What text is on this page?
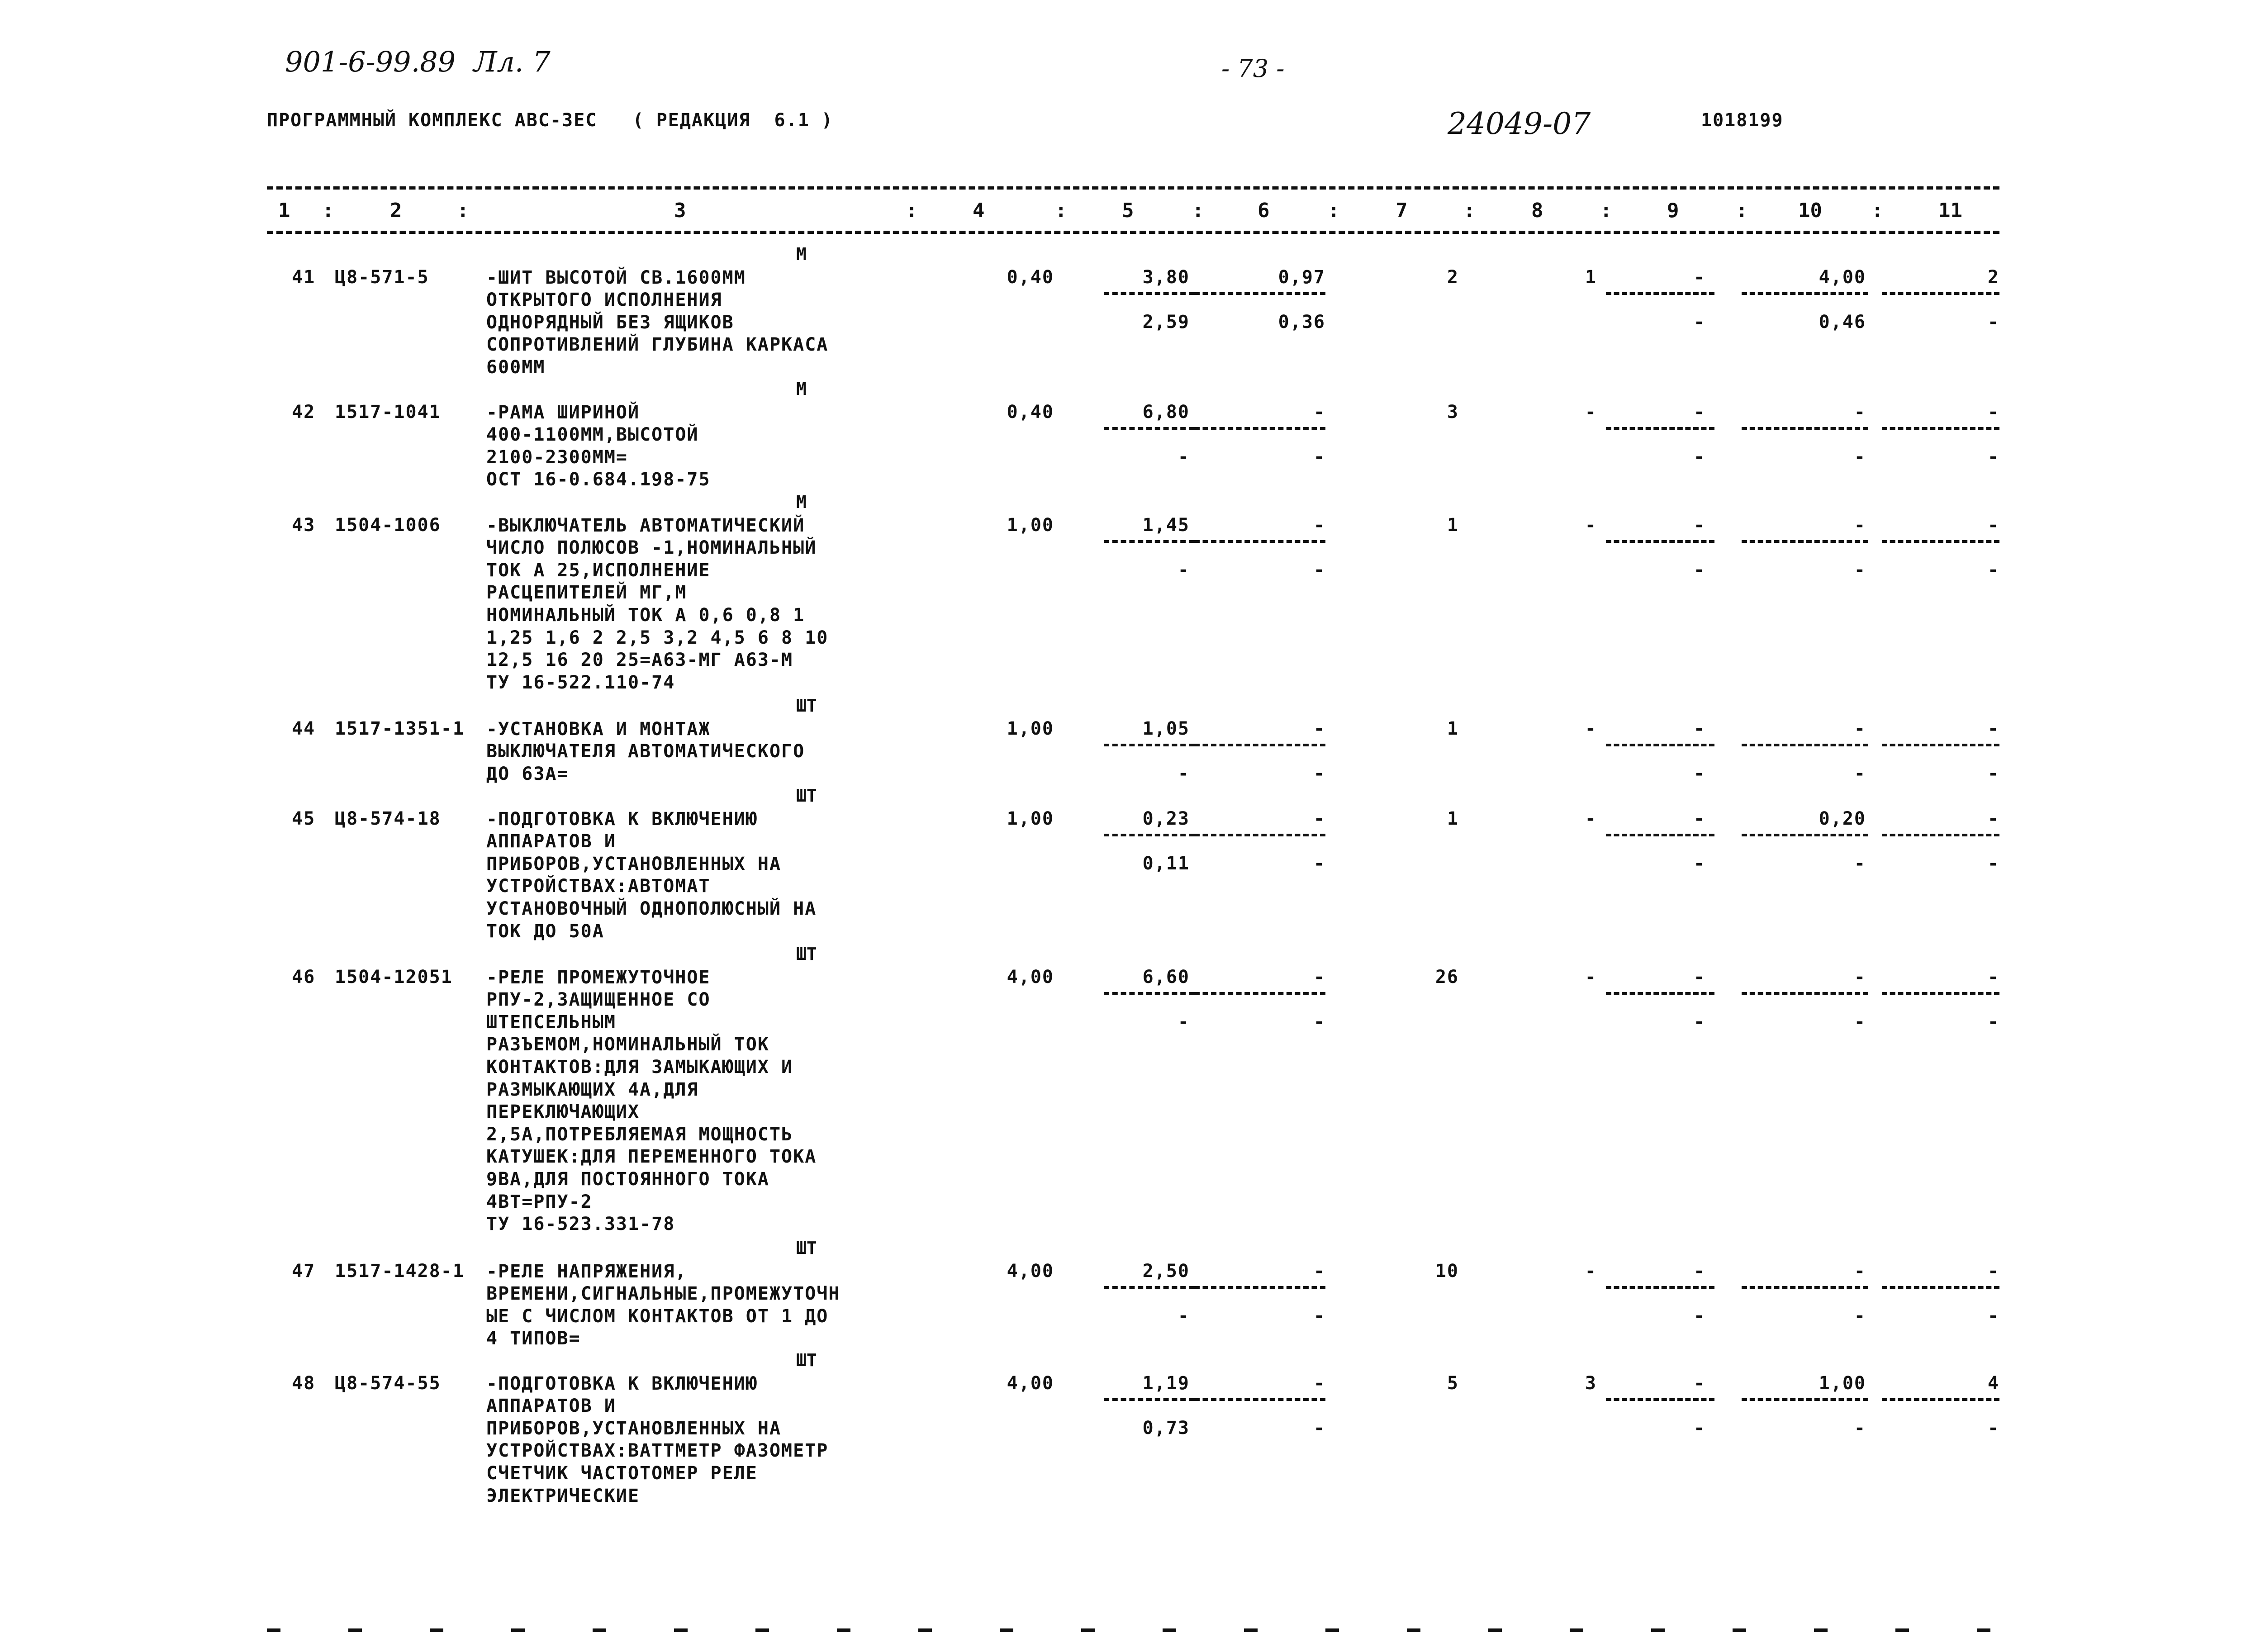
901-6-99.89  Лл. 7	- 73 -
ПРОГРАММНЫЙ КОМПЛЕКС АВС-3ЕС   ( РЕДАКЦИЯ  6.1 )	24049-07	1018199
1 :	2	:	3	:	4	:	5	:	6	:	7	:	8	:	9	:	10 :	11
М
41 Ц8-571-5	-ШИТ ВЫСОТОЙ СВ.1600ММ
ОТКРЫТОГО ИСПОЛНЕНИЯ
ОДНОРЯДНЫЙ БЕЗ ЯЩИКОВ
СОПРОТИВЛЕНИЙ ГЛУБИНА КАРКАСА
600ММ
0,40	3,80	0,97	2	1	-	4,00	2
2,59	0,36	-	0,46	-
М
42 1517-1041	-РАМА ШИРИНОЙ
400-1100ММ,ВЫСОТОЙ
2100-2300ММ=
ОСТ 16-0.684.198-75
0,40	6,80	-	3	-	-	-	-
-	-	-	-	-
М
43 1504-1006	-ВЫКЛЮЧАТЕЛЬ АВТОМАТИЧЕСКИЙ
ЧИСЛО ПОЛЮСОВ -1,НОМИНАЛЬНЫЙ
ТОК А 25,ИСПОЛНЕНИЕ
РАСЦЕПИТЕЛЕЙ МГ,М
НОМИНАЛЬНЫЙ ТОК А 0,6 0,8 1
1,25 1,6 2 2,5 3,2 4,5 6 8 10
12,5 16 20 25=А63-МГ А63-М
ТУ 16-522.110-74
1,00	1,45	-	1	-	-	-	-
-	-	-	-	-
ШТ
44 1517-1351-1 -УСТАНОВКА И МОНТАЖ
ВЫКЛЮЧАТЕЛЯ АВТОМАТИЧЕСКОГО
ДО 63А=
1,00	1,05	-	1	-	-	-	-
-	-	-	-	-
ШТ
45 Ц8-574-18	-ПОДГОТОВКА К ВКЛЮЧЕНИЮ
АППАРАТОВ И
ПРИБОРОВ,УСТАНОВЛЕННЫХ НА
УСТРОЙСТВАХ:АВТОМАТ
УСТАНОВОЧНЫЙ ОДНОПОЛЮСНЫЙ НА
ТОК ДО 50А
1,00	0,23	-	1	-	-	0,20	-
0,11	-	-	-	-
ШТ
46 1504-12051 -РЕЛЕ ПРОМЕЖУТОЧНОЕ
РПУ-2,ЗАЩИЩЕННОЕ СО
ШТЕПСЕЛЬНЫМ
РАЗЪЕМОМ,НОМИНАЛЬНЫЙ ТОК
КОНТАКТОВ:ДЛЯ ЗАМЫКАЮЩИХ И
РАЗМЫКАЮЩИХ 4А,ДЛЯ
ПЕРЕКЛЮЧАЮЩИХ
2,5А,ПОТРЕБЛЯЕМАЯ МОЩНОСТЬ
КАТУШЕК:ДЛЯ ПЕРЕМЕННОГО ТОКА
9ВА,ДЛЯ ПОСТОЯННОГО ТОКА
4ВТ=РПУ-2
ТУ 16-523.331-78
4,00	6,60	-	26	-	-	-	-
-	-	-	-	-
ШТ
47 1517-1428-1 -РЕЛЕ НАПРЯЖЕНИЯ,
ВРЕМЕНИ,СИГНАЛЬНЫЕ,ПРОМЕЖУТОЧН
ЫЕ С ЧИСЛОМ КОНТАКТОВ ОТ 1 ДО
4 ТИПОВ=
4,00	2,50	-	10	-	-	-	-
-	-	-	-	-
ШТ
48 Ц8-574-55	-ПОДГОТОВКА К ВКЛЮЧЕНИЮ
АППАРАТОВ И
ПРИБОРОВ,УСТАНОВЛЕННЫХ НА
УСТРОЙСТВАХ:ВАТТМЕТР ФАЗОМЕТР
СЧЕТЧИК ЧАСТОТОМЕР РЕЛЕ
ЭЛЕКТРИЧЕСКИЕ
4,00	1,19	-	5	3	-	1,00	4
0,73	-	-	-	-
